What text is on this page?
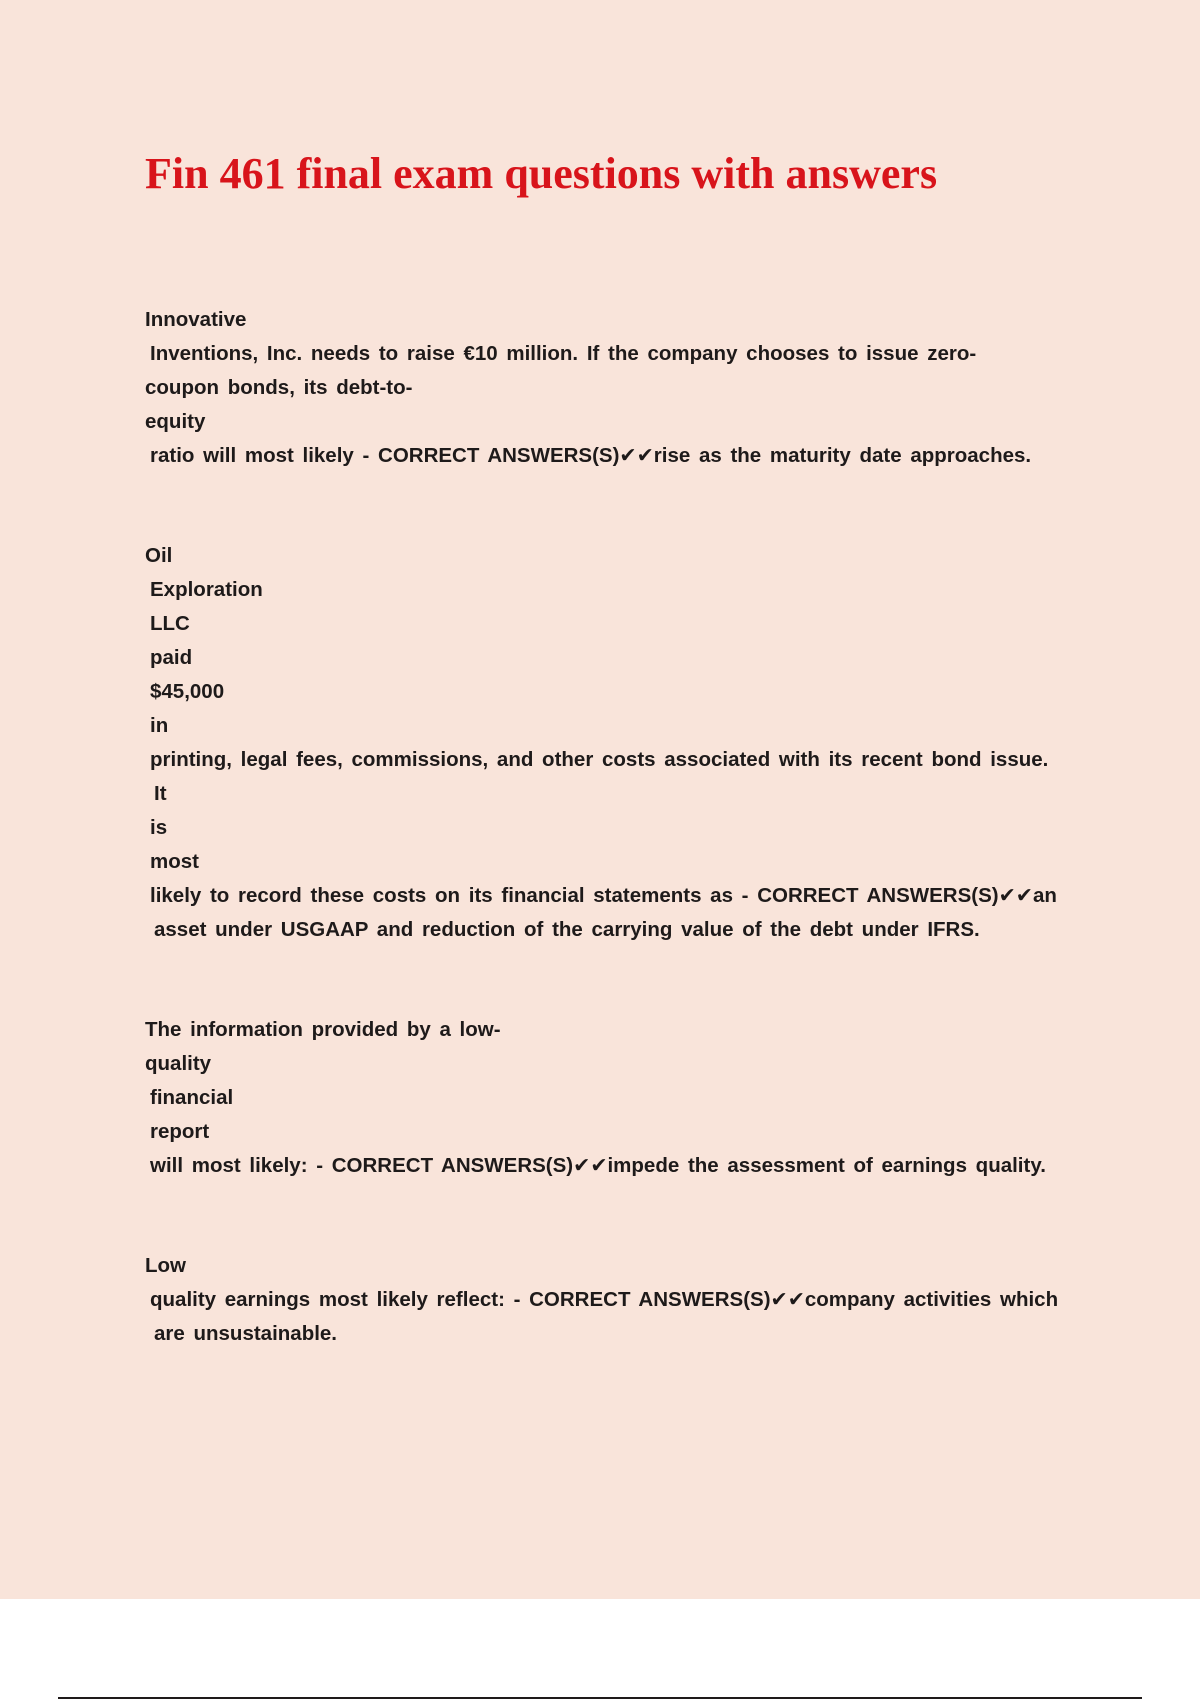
Fin 461 final exam questions with answers
Innovative
Inventions, Inc. needs to raise €10 million. If the company chooses to issue zero-
coupon bonds, its debt-to-
equity
ratio will most likely - CORRECT ANSWERS(S)✔✔rise as the maturity date approaches.
Oil
Exploration
LLC
paid
$45,000
in
printing, legal fees, commissions, and other costs associated with its recent bond issue.
It
is
most
likely to record these costs on its financial statements as - CORRECT ANSWERS(S)✔✔an
asset under USGAAP and reduction of the carrying value of the debt under IFRS.
The information provided by a low-
quality
financial
report
will most likely: - CORRECT ANSWERS(S)✔✔impede the assessment of earnings quality.
Low
quality earnings most likely reflect: - CORRECT ANSWERS(S)✔✔company activities which
are unsustainable.
